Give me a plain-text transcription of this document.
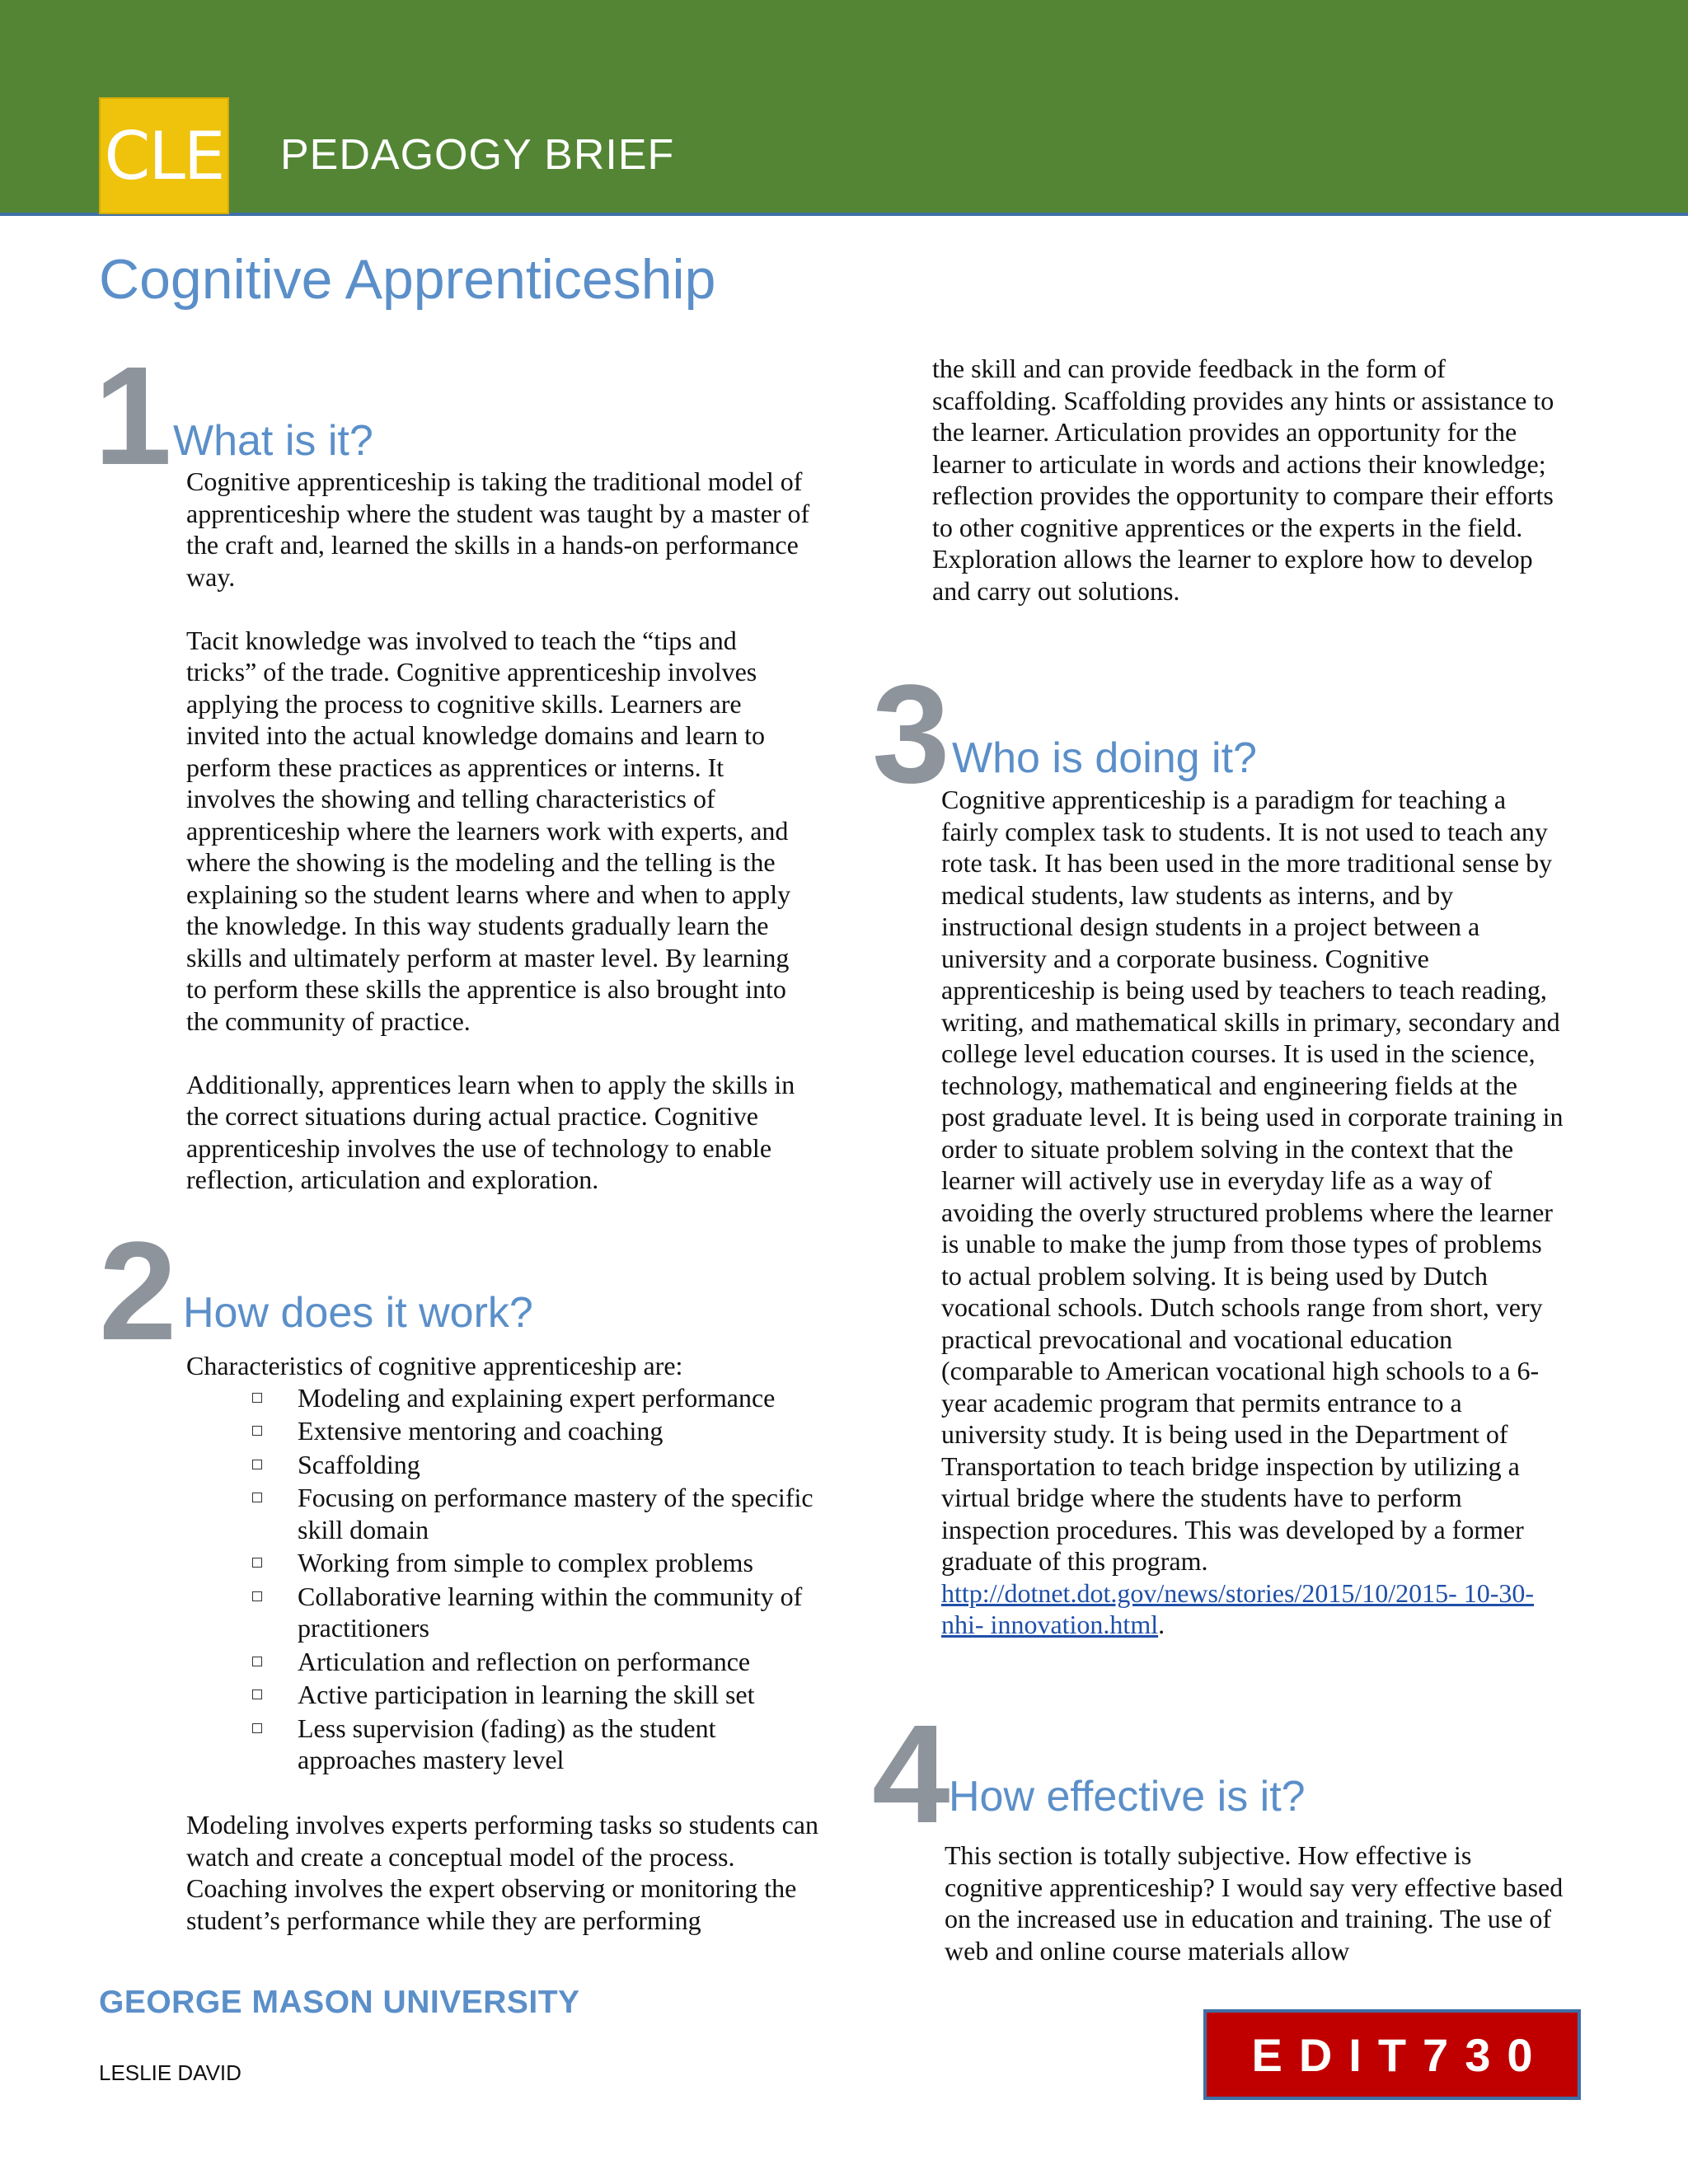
CLE PEDAGOGY BRIEF
Cognitive Apprenticeship
1 What is it?

Cognitive apprenticeship is taking the traditional model of apprenticeship where the student was taught by a master of the craft and, learned the skills in a hands-on performance way.

Tacit knowledge was involved to teach the “tips and tricks” of the trade. Cognitive apprenticeship involves applying the process to cognitive skills. Learners are invited into the actual knowledge domains and learn to perform these practices as apprentices or interns. It involves the showing and telling characteristics of apprenticeship where the learners work with experts, and where the showing is the modeling and the telling is the explaining so the student learns where and when to apply the knowledge. In this way students gradually learn the skills and ultimately perform at master level. By learning to perform these skills the apprentice is also brought into the community of practice.

Additionally, apprentices learn when to apply the skills in the correct situations during actual practice. Cognitive apprenticeship involves the use of technology to enable reflection, articulation and exploration.

2 How does it work?

Characteristics of cognitive apprenticeship are:

Modeling and explaining expert performance
Extensive mentoring and coaching
Scaffolding
Focusing on performance mastery of the specific skill domain
Working from simple to complex problems
Collaborative learning within the community of practitioners
Articulation and reflection on performance
Active participation in learning the skill set
Less supervision (fading) as the student approaches mastery level

Modeling involves experts performing tasks so students can watch and create a conceptual model of the process.

Coaching involves the expert observing or monitoring the student’s performance while they are performing

the skill and can provide feedback in the form of scaffolding. Scaffolding provides any hints or assistance to the learner. Articulation provides an opportunity for the learner to articulate in words and actions their knowledge; reflection provides the opportunity to compare their efforts to other cognitive apprentices or the experts in the field. Exploration allows the learner to explore how to develop and carry out solutions.
3 Who is doing it?
Cognitive apprenticeship is a paradigm for teaching a fairly complex task to students. It is not used to teach any rote task. It has been used in the more traditional sense by medical students, law students as interns, and by instructional design students in a project between a university and a corporate business. Cognitive apprenticeship is being used by teachers to teach reading, writing, and mathematical skills in primary, secondary and college level education courses. It is used in the science, technology, mathematical and engineering fields at the post graduate level. It is being used in corporate training in order to situate problem solving in the context that the learner will actively use in everyday life as a way of avoiding the overly structured problems where the learner is unable to make the jump from those types of problems to actual problem solving. It is being used by Dutch vocational schools. Dutch schools range from short, very practical prevocational and vocational education (comparable to American vocational high schools to a 6-year academic program that permits entrance to a university study. It is being used in the Department of Transportation to teach bridge inspection by utilizing a virtual bridge where the students have to perform inspection procedures. This was developed by a former graduate of this program. http://dotnet.dot.gov/news/stories/2015/10/2015- 10-30-nhi- innovation.html.
4
How effective is it?
This section is totally subjective. How effective is cognitive apprenticeship? I would say very effective based on the increased use in education and training. The use of web and online course materials allow
GEORGE MASON UNIVERSITY
LESLIE DAVID	EDIT730
